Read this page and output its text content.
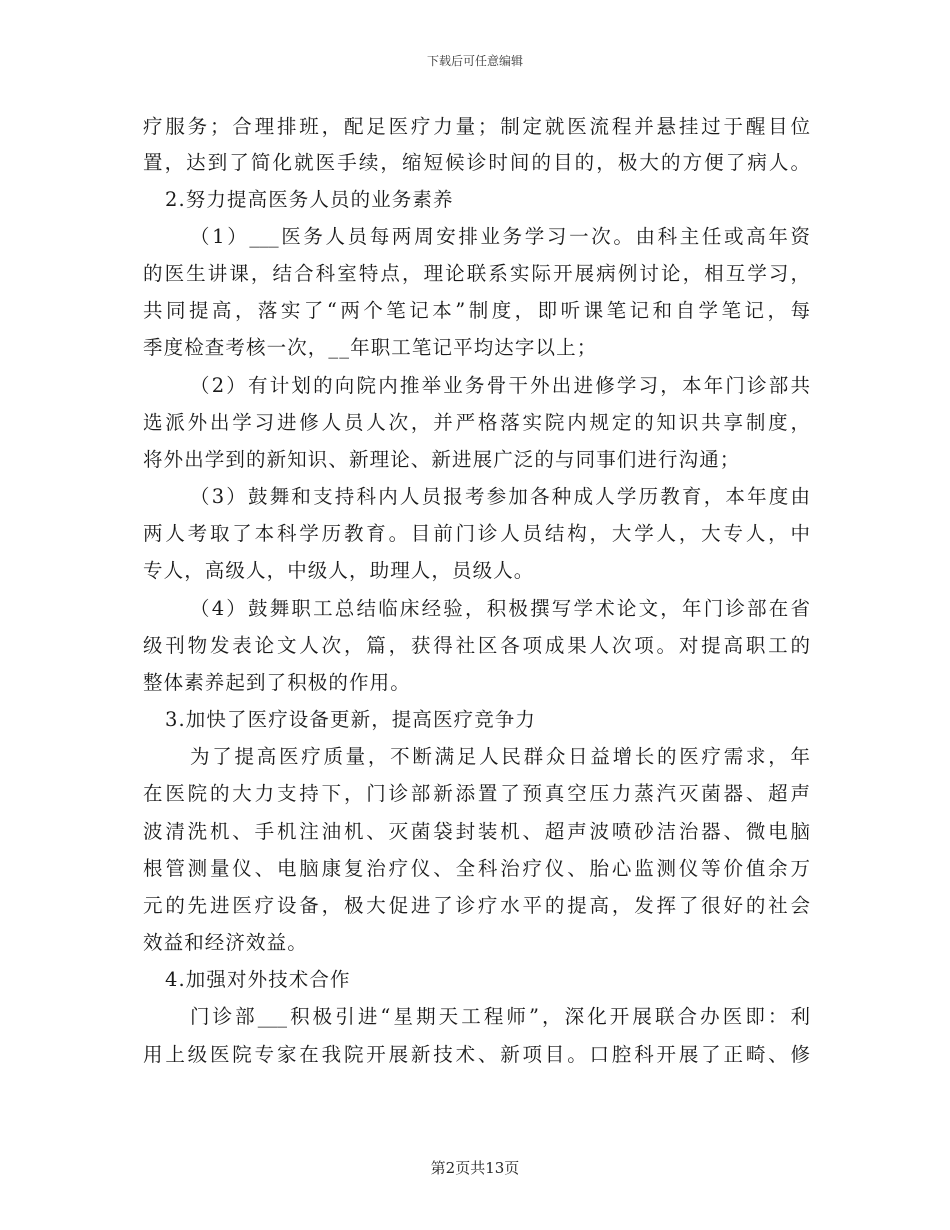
下载后可任意编辑
疗服务；合理排班，配足医疗力量；制定就医流程并悬挂过于醒目位
置，达到了简化就医手续，缩短候诊时间的目的，极大的方便了病人。
2.努力提高医务人员的业务素养
（1）___医务人员每两周安排业务学习一次。由科主任或高年资
的医生讲课，结合科室特点，理论联系实际开展病例讨论，相互学习，
共同提高，落实了“两个笔记本”制度，即听课笔记和自学笔记，每
季度检查考核一次，__年职工笔记平均达字以上；
（2）有计划的向院内推举业务骨干外出进修学习，本年门诊部共
选派外出学习进修人员人次，并严格落实院内规定的知识共享制度，
将外出学到的新知识、新理论、新进展广泛的与同事们进行沟通；
（3）鼓舞和支持科内人员报考参加各种成人学历教育，本年度由
两人考取了本科学历教育。目前门诊人员结构，大学人，大专人，中
专人，高级人，中级人，助理人，员级人。
（4）鼓舞职工总结临床经验，积极撰写学术论文，年门诊部在省
级刊物发表论文人次，篇，获得社区各项成果人次项。对提高职工的
整体素养起到了积极的作用。
3.加快了医疗设备更新，提高医疗竞争力
为了提高医疗质量，不断满足人民群众日益增长的医疗需求，年
在医院的大力支持下，门诊部新添置了预真空压力蒸汽灭菌器、超声
波清洗机、手机注油机、灭菌袋封装机、超声波喷砂洁治器、微电脑
根管测量仪、电脑康复治疗仪、全科治疗仪、胎心监测仪等价值余万
元的先进医疗设备，极大促进了诊疗水平的提高，发挥了很好的社会
效益和经济效益。
4.加强对外技术合作
门诊部___积极引进“星期天工程师”，深化开展联合办医即：利
用上级医院专家在我院开展新技术、新项目。口腔科开展了正畸、修
第2页共13页
